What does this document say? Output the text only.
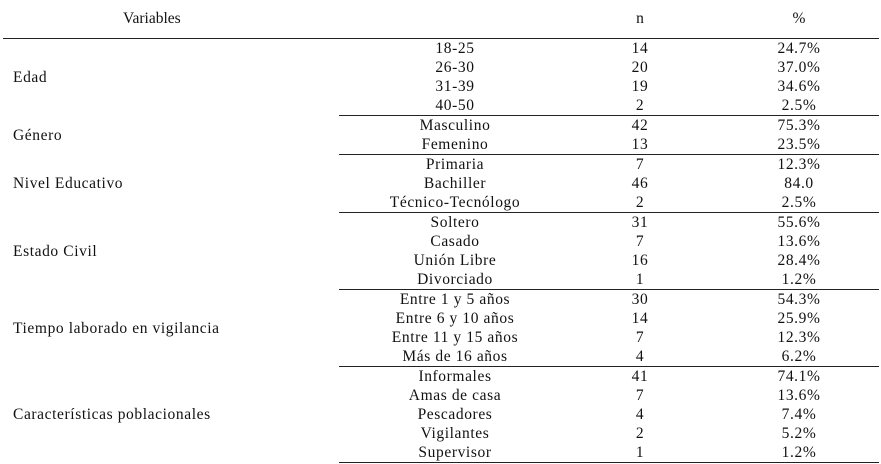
Variables		n	%
Edad	18-25	14	24.7%
	26-30	20	37.0%
	31-39	19	34.6%
	40-50	2	2.5%
Género	Masculino	42	75.3%
	Femenino	13	23.5%
Nivel Educativo	Primaria	7	12.3%
	Bachiller	46	84.0
	Técnico-Tecnólogo	2	2.5%
Estado Civil	Soltero	31	55.6%
	Casado	7	13.6%
	Unión Libre	16	28.4%
	Divorciado	1	1.2%
Tiempo laborado en vigilancia	Entre 1 y 5 años	30	54.3%
	Entre 6 y 10 años	14	25.9%
	Entre 11 y 15 años	7	12.3%
	Más de 16 años	4	6.2%
Características poblacionales	Informales	41	74.1%
	Amas de casa	7	13.6%
	Pescadores	4	7.4%
	Vigilantes	2	5.2%
	Supervisor	1	1.2%
